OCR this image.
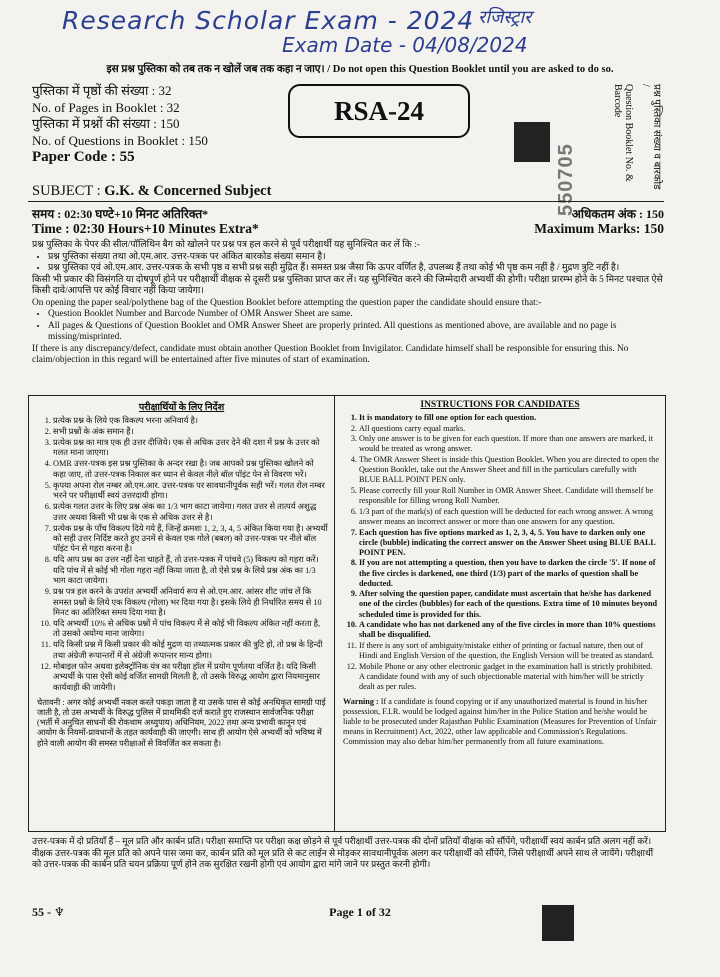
Research Scholar Exam - 2024
Exam Date - 04/08/2024
रजिस्ट्रार
इस प्रश्न पुस्तिका को तब तक न खोलें जब तक कहा न जाए। / Do not open this Question Booklet until you are asked to do so.
पुस्तिका में पृष्ठों की संख्या : 32
No. of Pages in Booklet : 32
पुस्तिका में प्रश्नों की संख्या : 150
No. of Questions in Booklet : 150
Paper Code : 55
RSA-24
550705	Question Booklet No. & Barcode	प्रश्न पुस्तिका संख्या व बारकोड /
SUBJECT : G.K. & Concerned Subject
समय : 02:30 घण्टे+10 मिनट अतिरिक्त*
Time : 02:30 Hours+10 Minutes Extra*
अधिकतम अंक : 150
Maximum Marks: 150

प्रश्न पुस्तिका के पेपर की सील/पॉलिथिन बैग को खोलने पर प्रश्न पत्र हल करने से पूर्व परीक्षार्थी यह सुनिश्चित कर लें कि :-

• प्रश्न पुस्तिका संख्या तथा ओ.एम.आर. उत्तर-पत्रक पर अंकित बारकोड संख्या समान है।
• प्रश्न पुस्तिका एवं ओ.एम.आर. उत्तर-पत्रक के सभी पृष्ठ व सभी प्रश्न सही मुद्रित हैं। समस्त प्रश्न जैसा कि ऊपर वर्णित है, उपलब्ध हैं तथा कोई भी पृष्ठ कम नहीं है / मुद्रण त्रुटि नहीं है।

किसी भी प्रकार की विसंगति या दोषपूर्ण होने पर परीक्षार्थी वीक्षक से दूसरी प्रश्न पुस्तिका प्राप्त कर लें। यह सुनिश्चित करने की जिम्मेदारी अभ्यर्थी की होगी। परीक्षा प्रारम्भ होने के 5 मिनट पश्चात ऐसे किसी दावे/आपत्ति पर कोई विचार नहीं किया जायेगा।

On opening the paper seal/polythene bag of the Question Booklet before attempting the question paper the candidate should ensure that:-

• Question Booklet Number and Barcode Number of OMR Answer Sheet are same.
• All pages & Questions of Question Booklet and OMR Answer Sheet are properly printed. All questions as mentioned above, are available and no page is missing/misprinted.

If there is any discrepancy/defect, candidate must obtain another Question Booklet from Invigilator. Candidate himself shall be responsible for ensuring this. No claim/objection in this regard will be entertained after five minutes of start of examination.

परीक्षार्थियों के लिए निर्देश
1. प्रत्येक प्रश्न के लिये एक विकल्प भरना अनिवार्य है।
2. सभी प्रश्नों के अंक समान हैं।
3. प्रत्येक प्रश्न का मात्र एक ही उत्तर दीजिये। एक से अधिक उत्तर देने की दशा में प्रश्न के उत्तर को गलत माना जाएगा।
4. OMR उत्तर-पत्रक इस प्रश्न पुस्तिका के अन्दर रखा है। जब आपको प्रश्न पुस्तिका खोलने को कहा जाए, तो उत्तर-पत्रक निकाल कर ध्यान से केवल नीले बॉल पॉइंट पेन से विवरण भरें।
5. कृपया अपना रोल नम्बर ओ.एम.आर. उत्तर-पत्रक पर सावधानीपूर्वक सही भरें। गलत रोल नम्बर भरने पर परीक्षार्थी स्वयं उत्तरदायी होगा।
6. प्रत्येक गलत उत्तर के लिए प्रश्न अंक का 1/3 भाग काटा जायेगा। गलत उत्तर से तात्पर्य अशुद्ध उत्तर अथवा किसी भी प्रश्न के एक से अधिक उत्तर से है।
7. प्रत्येक प्रश्न के पाँच विकल्प दिये गये हैं, जिन्हें क्रमशः 1, 2, 3, 4, 5 अंकित किया गया है। अभ्यर्थी को सही उत्तर निर्दिष्ट करते हुए उनमें से केवल एक गोले (बबल) को उत्तर-पत्रक पर नीले बॉल पॉइंट पेन से गहरा करना है।
8. यदि आप प्रश्न का उत्तर नहीं देना चाहते हैं, तो उत्तर-पत्रक में पांचवे (5) विकल्प को गहरा करें। यदि पांच में से कोई भी गोला गहरा नहीं किया जाता है, तो ऐसे प्रश्न के लिये प्रश्न अंक का 1/3 भाग काटा जायेगा।
9. प्रश्न पत्र हल करने के उपरांत अभ्यर्थी अनिवार्य रूप से ओ.एम.आर. आंसर शीट जांच लें कि समस्त प्रश्नों के लिये एक विकल्प (गोला) भर दिया गया है। इसके लिये ही निर्धारित समय से 10 मिनट का अतिरिक्त समय दिया गया है।
10. यदि अभ्यर्थी 10% से अधिक प्रश्नों में पांच विकल्प में से कोई भी विकल्प अंकित नहीं करता है, तो उसको अयोग्य माना जायेगा।
11. यदि किसी प्रश्न में किसी प्रकार की कोई मुद्रण या तथ्यात्मक प्रकार की त्रुटि हो, तो प्रश्न के हिन्दी तथा अंग्रेजी रूपान्तरों में से अंग्रेजी रूपान्तर मान्य होगा।
12. मोबाइल फोन अथवा इलेक्ट्रॉनिक यंत्र का परीक्षा हॉल में प्रयोग पूर्णतया वर्जित है। यदि किसी अभ्यर्थी के पास ऐसी कोई वर्जित सामग्री मिलती है, तो उसके विरुद्ध आयोग द्वारा नियमानुसार कार्यवाही की जायेगी।
चेतावनी : अगर कोई अभ्यर्थी नकल करते पकड़ा जाता है या उसके पास से कोई अनधिकृत सामग्री पाई जाती है, तो उस अभ्यर्थी के विरुद्ध पुलिस में प्राथमिकी दर्ज कराते हुए राजस्थान सार्वजनिक परीक्षा (भर्ती में अनुचित साधनों की रोकथाम अध्युपाय) अधिनियम, 2022 तथा अन्य प्रभावी कानून एवं आयोग के नियमों-प्रावधानों के तहत कार्यवाही की जाएगी। साथ ही आयोग ऐसे अभ्यर्थी को भविष्य में होने वाली आयोग की समस्त परीक्षाओं से विवर्जित कर सकता है।
INSTRUCTIONS FOR CANDIDATES
1. It is mandatory to fill one option for each question.
2. All questions carry equal marks.
3. Only one answer is to be given for each question. If more than one answers are marked, it would be treated as wrong answer.
4. The OMR Answer Sheet is inside this Question Booklet. When you are directed to open the Question Booklet, take out the Answer Sheet and fill in the particulars carefully with BLUE BALL POINT PEN only.
5. Please correctly fill your Roll Number in OMR Answer Sheet. Candidate will themself be responsible for filling wrong Roll Number.
6. 1/3 part of the mark(s) of each question will be deducted for each wrong answer. A wrong answer means an incorrect answer or more than one answers for any question.
7. Each question has five options marked as 1, 2, 3, 4, 5. You have to darken only one circle (bubble) indicating the correct answer on the Answer Sheet using BLUE BALL POINT PEN.
8. If you are not attempting a question, then you have to darken the circle '5'. If none of the five circles is darkened, one third (1/3) part of the marks of question shall be deducted.
9. After solving the question paper, candidate must ascertain that he/she has darkened one of the circles (bubbles) for each of the questions. Extra time of 10 minutes beyond scheduled time is provided for this.
10. A candidate who has not darkened any of the five circles in more than 10% questions shall be disqualified.
11. If there is any sort of ambiguity/mistake either of printing or factual nature, then out of Hindi and English Version of the question, the English Version will be treated as standard.
12. Mobile Phone or any other electronic gadget in the examination hall is strictly prohibited. A candidate found with any of such objectionable material with him/her will be strictly dealt as per rules.
Warning : If a candidate is found copying or if any unauthorized material is found in his/her possession, F.I.R. would be lodged against him/her in the Police Station and he/she would be liable to be prosecuted under Rajasthan Public Examination (Measures for Prevention of Unfair means in Recruitment) Act, 2022, other law applicable and Commission's Regulations. Commission may also debar him/her permanently from all future examinations.
उत्तर-पत्रक में दो प्रतियाँ हैं – मूल प्रति और कार्बन प्रति। परीक्षा समाप्ति पर परीक्षा कक्ष छोड़ने से पूर्व परीक्षार्थी उत्तर-पत्रक की दोनों प्रतियाँ वीक्षक को सौंपेंगे, परीक्षार्थी स्वयं कार्बन प्रति अलग नहीं करें। वीक्षक उत्तर-पत्रक की मूल प्रति को अपने पास जमा कर, कार्बन प्रति को मूल प्रति से कट लाईन से मोड़कर सावधानीपूर्वक अलग कर परीक्षार्थी को सौंपेंगे, जिसे परीक्षार्थी अपने साथ ले जायेंगे। परीक्षार्थी को उत्तर-पत्रक की कार्बन प्रति चयन प्रक्रिया पूर्ण होने तक सुरक्षित रखनी होगी एवं आयोग द्वारा मांगे जाने पर प्रस्तुत करनी होगी।
55 - ♆	Page 1 of 32
